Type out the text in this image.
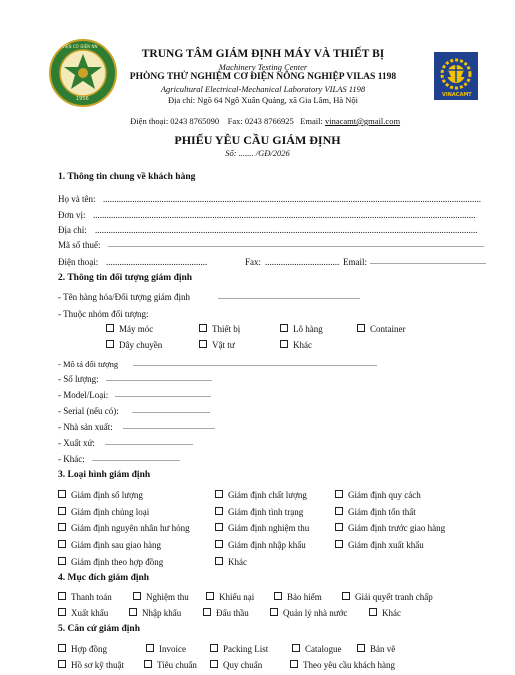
VIỆN CƠ ĐIỆN NN
1956
VINACAMT
TRUNG TÂM GIÁM ĐỊNH MÁY VÀ THIẾT BỊ
Machinery Testing Center
PHÒNG THỬ NGHIỆM CƠ ĐIỆN NÔNG NGHIỆP VILAS 1198
Agricultural Electrical-Mechanical Laboratory VILAS 1198
Địa chỉ: Ngõ 64 Ngô Xuân Quảng, xã Gia Lâm, Hà Nội

Điện thoại: 0243 8765090    Fax: 0243 8766925   Email: vinacamt@gmail.com

PHIẾU YÊU CẦU GIÁM ĐỊNH
Số: ....... /GĐ/2026
1. Thông tin chung về khách hàng
Họ và tên: ........................................................................................................................................................................
Đơn vị: ..........................................................................................................................................................................
Địa chỉ: ..........................................................................................................................................................................
Mã số thuế: ............................................................................................................................................................................................
Điện thoại: .............................................	Fax: ................................. Email: ..........................................................
2. Thông tin đối tượng giám định
- Tên hàng hóa/Đối tượng giám định	.......................................................................
- Thuộc nhóm đối tượng:
Máy móc	Thiết bị	Lô hàng	Container
Dây chuyền	Vật tư	Khác
- Mô tả đối tượng ..........................................................................................................................
- Số lượng: .....................................................
- Model/Loại: ................................................
- Serial (nếu có): .......................................
- Nhà sản xuất: ..............................................
- Xuất xứ: ............................................
- Khác: ............................................
3. Loại hình giám định
Giám định số lượng	Giám định chất lượng	Giám định quy cách
Giám định chủng loại	Giám định tình trạng	Giám định tổn thất
Giám định nguyên nhân hư hỏng	Giám định nghiệm thu	Giám định trước giao hàng
Giám định sau giao hàng	Giám định nhập khẩu	Giám định xuất khẩu
Giám định theo hợp đồng	Khác
4. Mục đích giám định
Thanh toán	Nghiệm thu	Khiếu nại	Bảo hiểm	Giải quyết tranh chấp
Xuất khẩu	Nhập khẩu	Đấu thầu	Quản lý nhà nước	Khác
5. Căn cứ giám định
Hợp đồng	Invoice	Packing List	Catalogue	Bản vẽ
Hồ sơ kỹ thuật	Tiêu chuẩn	Quy chuẩn	Theo yêu cầu khách hàng
